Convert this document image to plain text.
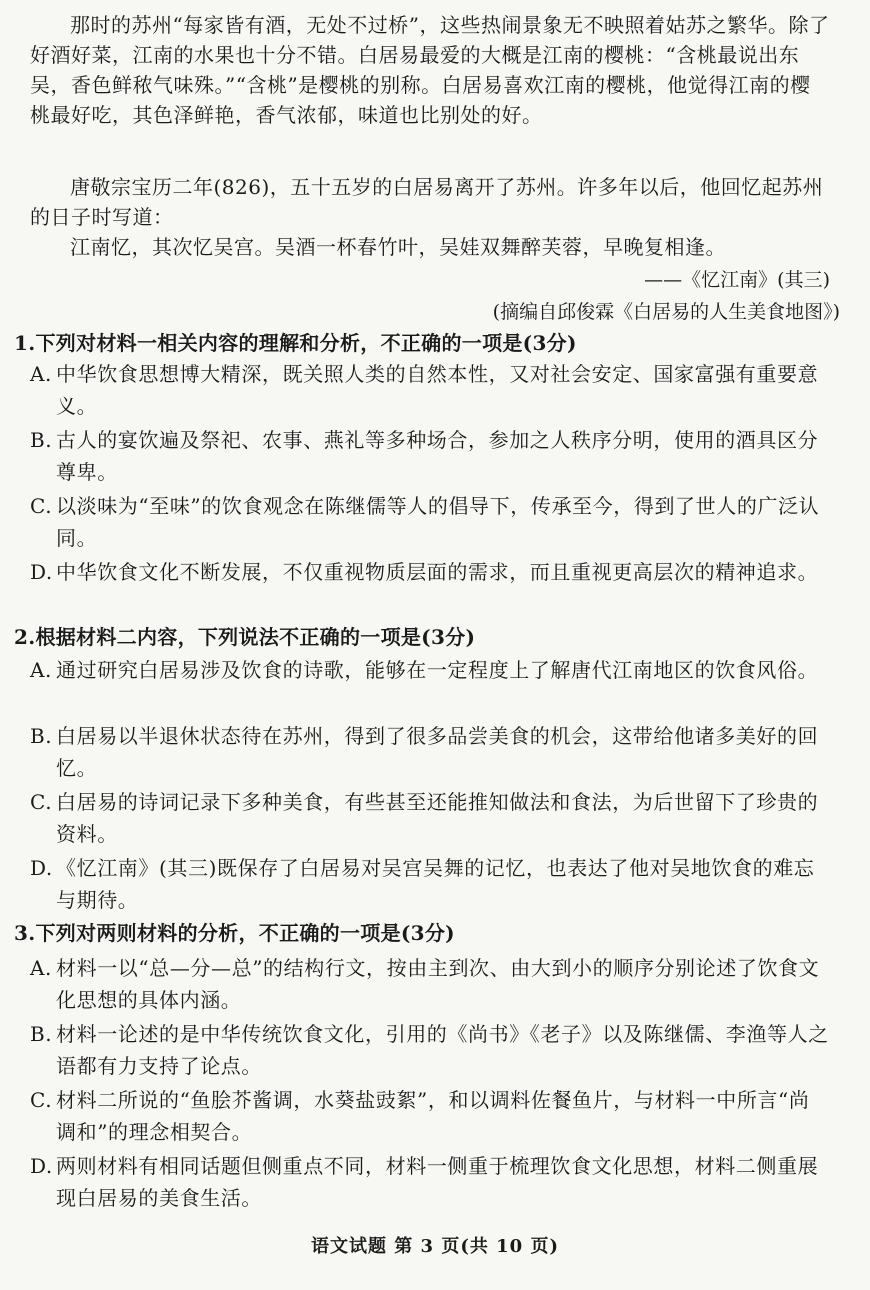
那时的苏州“每家皆有酒，无处不过桥”，这些热闹景象无不映照着姑苏之繁华。除了好酒好菜，江南的水果也十分不错。白居易最爱的大概是江南的樱桃：“含桃最说出东吴，香色鲜秾气味殊。”“含桃”是樱桃的别称。白居易喜欢江南的樱桃，他觉得江南的樱桃最好吃，其色泽鲜艳，香气浓郁，味道也比别处的好。

唐敬宗宝历二年(826)，五十五岁的白居易离开了苏州。许多年以后，他回忆起苏州的日子时写道：

江南忆，其次忆吴宫。吴酒一杯春竹叶，吴娃双舞醉芙蓉，早晚复相逢。
——《忆江南》(其三)
(摘编自邱俊霖《白居易的人生美食地图》)
1.下列对材料一相关内容的理解和分析，不正确的一项是(3分)
A. 中华饮食思想博大精深，既关照人类的自然本性，又对社会安定、国家富强有重要意义。
B. 古人的宴饮遍及祭祀、农事、燕礼等多种场合，参加之人秩序分明，使用的酒具区分尊卑。
C. 以淡味为“至味”的饮食观念在陈继儒等人的倡导下，传承至今，得到了世人的广泛认同。
D. 中华饮食文化不断发展，不仅重视物质层面的需求，而且重视更高层次的精神追求。
2.根据材料二内容，下列说法不正确的一项是(3分)
A. 通过研究白居易涉及饮食的诗歌，能够在一定程度上了解唐代江南地区的饮食风俗。
B. 白居易以半退休状态待在苏州，得到了很多品尝美食的机会，这带给他诸多美好的回忆。
C. 白居易的诗词记录下多种美食，有些甚至还能推知做法和食法，为后世留下了珍贵的资料。
D. 《忆江南》(其三)既保存了白居易对吴宫吴舞的记忆，也表达了他对吴地饮食的难忘与期待。
3.下列对两则材料的分析，不正确的一项是(3分)
A. 材料一以“总—分—总”的结构行文，按由主到次、由大到小的顺序分别论述了饮食文化思想的具体内涵。
B. 材料一论述的是中华传统饮食文化，引用的《尚书》《老子》以及陈继儒、李渔等人之语都有力支持了论点。
C. 材料二所说的“鱼脍芥酱调，水葵盐豉絮”，和以调料佐餐鱼片，与材料一中所言“尚调和”的理念相契合。
D. 两则材料有相同话题但侧重点不同，材料一侧重于梳理饮食文化思想，材料二侧重展现白居易的美食生活。
语文试题 第 3 页(共 10 页)
